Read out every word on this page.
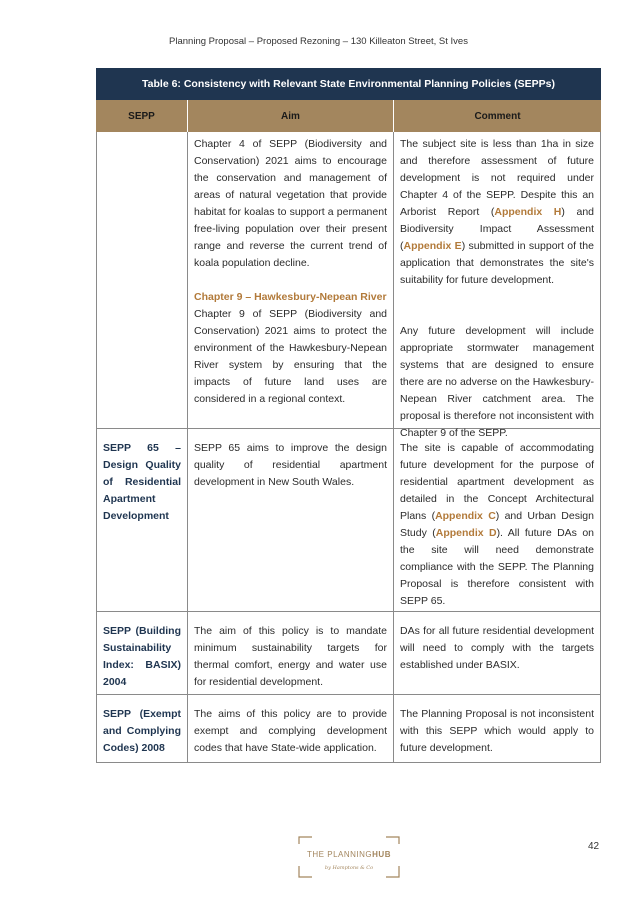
Planning Proposal – Proposed Rezoning – 130 Killeaton Street, St Ives
Table 6: Consistency with Relevant State Environmental Planning Policies (SEPPs)
SEPP	Aim	Comment
Chapter 4 of SEPP (Biodiversity and Conservation) 2021 aims to encourage the conservation and management of areas of natural vegetation that provide habitat for koalas to support a permanent free-living population over their present range and reverse the current trend of koala population decline.
Chapter 9 – Hawkesbury-Nepean River
Chapter 9 of SEPP (Biodiversity and Conservation) 2021 aims to protect the environment of the Hawkesbury-Nepean River system by ensuring that the impacts of future land uses are considered in a regional context.
The subject site is less than 1ha in size and therefore assessment of future development is not required under Chapter 4 of the SEPP. Despite this an Arborist Report (Appendix H) and Biodiversity Impact Assessment (Appendix E) submitted in support of the application that demonstrates the site's suitability for future development.
Any future development will include appropriate stormwater management systems that are designed to ensure there are no adverse on the Hawkesbury-Nepean River catchment area. The proposal is therefore not inconsistent with Chapter 9 of the SEPP.
SEPP 65 – Design Quality of Residential Apartment Development
SEPP 65 aims to improve the design quality of residential apartment development in New South Wales.
The site is capable of accommodating future development for the purpose of residential apartment development as detailed in the Concept Architectural Plans (Appendix C) and Urban Design Study (Appendix D). All future DAs on the site will need demonstrate compliance with the SEPP. The Planning Proposal is therefore consistent with SEPP 65.
SEPP (Building Sustainability Index: BASIX) 2004
The aim of this policy is to mandate minimum sustainability targets for thermal comfort, energy and water use for residential development.
DAs for all future residential development will need to comply with the targets established under BASIX.
SEPP (Exempt and Complying Codes) 2008
The aims of this policy are to provide exempt and complying development codes that have State-wide application.
The Planning Proposal is not inconsistent with this SEPP which would apply to future development.
THE PLANNINGHUB
by Hamptons & Co
42
